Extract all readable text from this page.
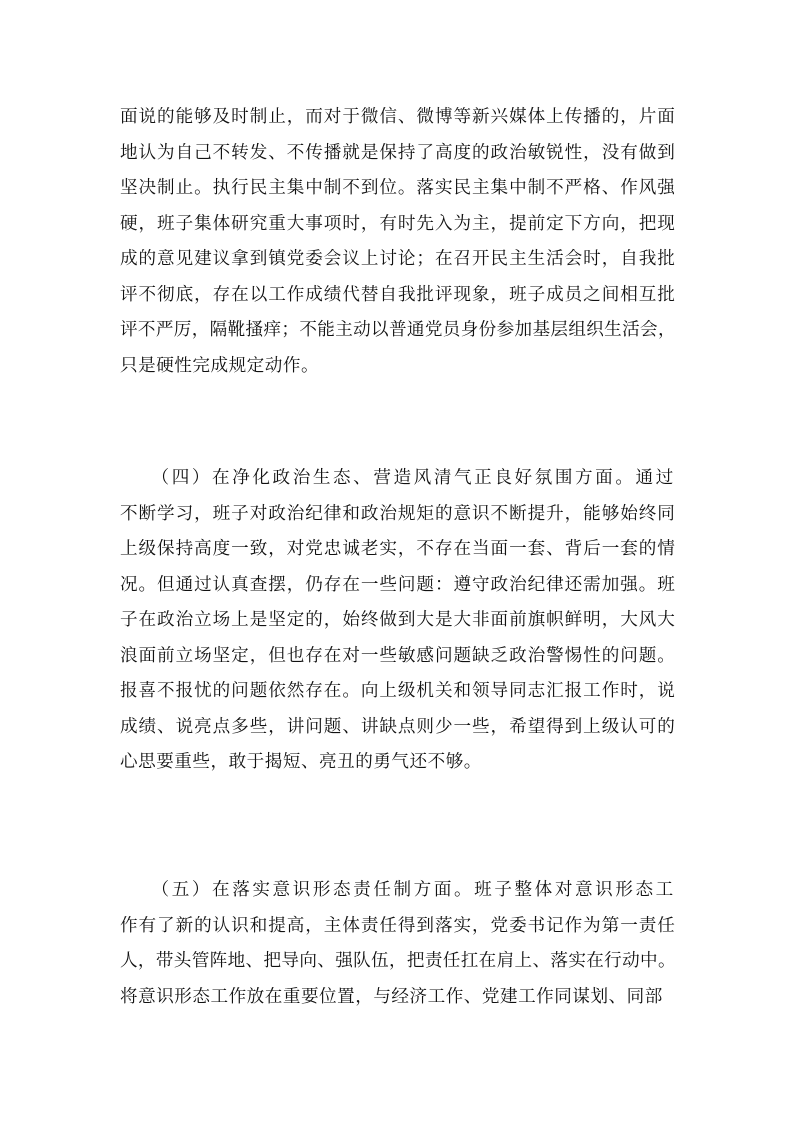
面说的能够及时制止，而对于微信、微博等新兴媒体上传播的，片面
地认为自己不转发、不传播就是保持了高度的政治敏锐性，没有做到
坚决制止。执行民主集中制不到位。落实民主集中制不严格、作风强
硬，班子集体研究重大事项时，有时先入为主，提前定下方向，把现
成的意见建议拿到镇党委会议上讨论；在召开民主生活会时，自我批
评不彻底，存在以工作成绩代替自我批评现象，班子成员之间相互批
评不严厉，隔靴搔痒；不能主动以普通党员身份参加基层组织生活会，
只是硬性完成规定动作。

　　（四）在净化政治生态、营造风清气正良好氛围方面。通过
不断学习，班子对政治纪律和政治规矩的意识不断提升，能够始终同
上级保持高度一致，对党忠诚老实，不存在当面一套、背后一套的情
况。但通过认真查摆，仍存在一些问题：遵守政治纪律还需加强。班
子在政治立场上是坚定的，始终做到大是大非面前旗帜鲜明，大风大
浪面前立场坚定，但也存在对一些敏感问题缺乏政治警惕性的问题。
报喜不报忧的问题依然存在。向上级机关和领导同志汇报工作时，说
成绩、说亮点多些，讲问题、讲缺点则少一些，希望得到上级认可的
心思要重些，敢于揭短、亮丑的勇气还不够。

　　（五）在落实意识形态责任制方面。班子整体对意识形态工
作有了新的认识和提高，主体责任得到落实，党委书记作为第一责任
人，带头管阵地、把导向、强队伍，把责任扛在肩上、落实在行动中。
将意识形态工作放在重要位置，与经济工作、党建工作同谋划、同部
